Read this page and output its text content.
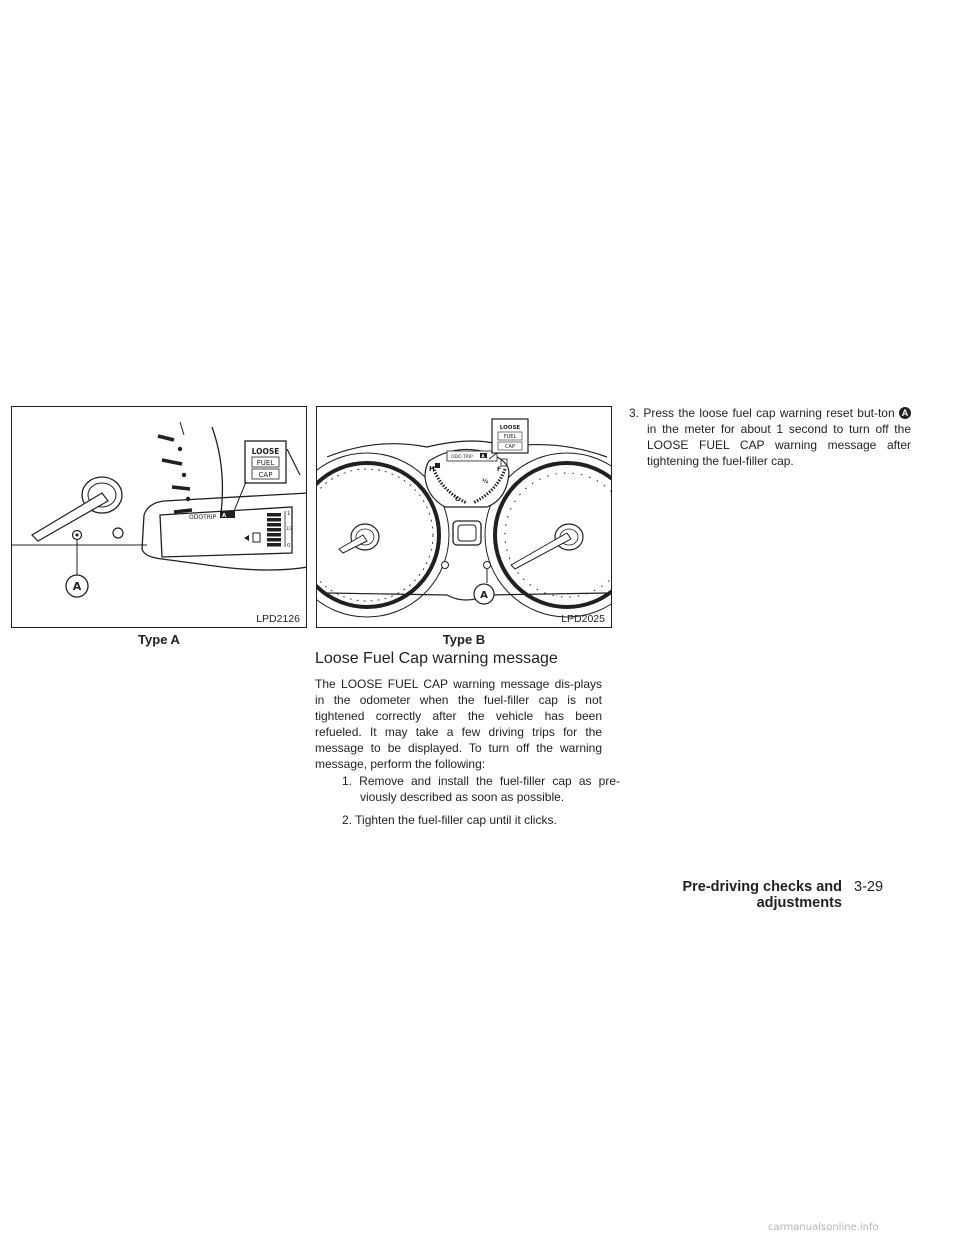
ODOTRIP A	1
1/2
0
LOOSE
FUEL
CAP
A
LPD2126
Type A
H
C
F
½
ODO TRIP A
LOOSE
FUEL
CAP
A
LPD2025
Type B
Loose Fuel Cap warning message

The LOOSE FUEL CAP warning message dis-plays in the odometer when the fuel-filler cap is not tightened correctly after the vehicle has been refueled. It may take a few driving trips for the message to be displayed. To turn off the warning message, perform the following:

1. Remove and install the fuel-filler cap as pre-viously described as soon as possible.

2. Tighten the fuel-filler cap until it clicks.

3. Press the loose fuel cap warning reset but-ton A in the meter for about 1 second to turn off the LOOSE FUEL CAP warning message after tightening the fuel-filler cap.

Pre-driving checks and adjustments
3-29
carmanualsonline.info
